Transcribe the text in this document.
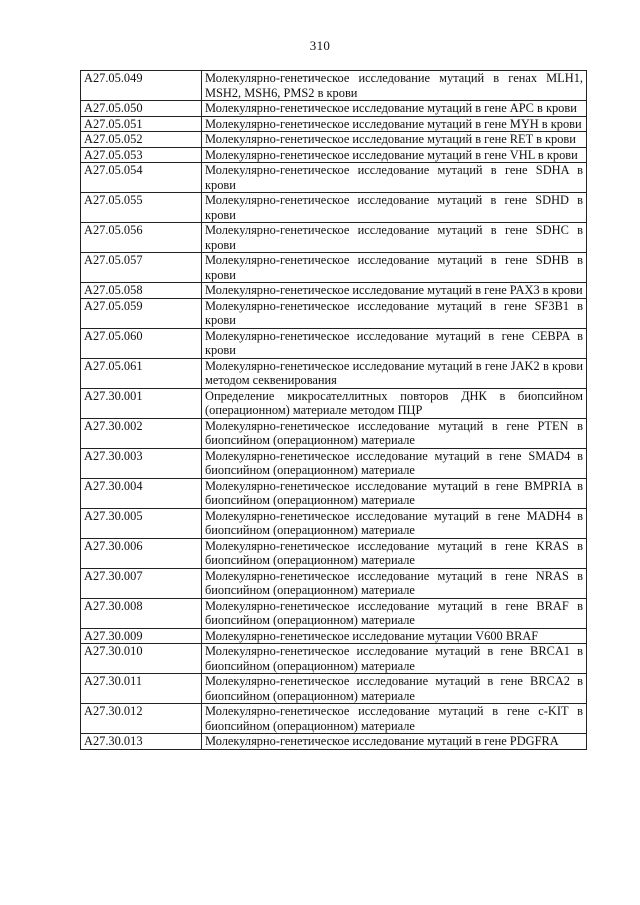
310
A27.05.049	Молекулярно-генетическое исследование мутаций в генах MLH1, MSH2, MSH6, PMS2 в крови
A27.05.050	Молекулярно-генетическое исследование мутаций в гене APC в крови
A27.05.051	Молекулярно-генетическое исследование мутаций в гене MYH в крови
A27.05.052	Молекулярно-генетическое исследование мутаций в гене RET в крови
A27.05.053	Молекулярно-генетическое исследование мутаций в гене VHL в крови
A27.05.054	Молекулярно-генетическое исследование мутаций в гене SDHA в крови
A27.05.055	Молекулярно-генетическое исследование мутаций в гене SDHD в крови
A27.05.056	Молекулярно-генетическое исследование мутаций в гене SDHC в крови
A27.05.057	Молекулярно-генетическое исследование мутаций в гене SDHB в крови
A27.05.058	Молекулярно-генетическое исследование мутаций в гене PAX3 в крови
A27.05.059	Молекулярно-генетическое исследование мутаций в гене SF3B1 в крови
A27.05.060	Молекулярно-генетическое исследование мутаций в гене CEBPA в крови
A27.05.061	Молекулярно-генетическое исследование мутаций в гене JAK2 в крови методом секвенирования
A27.30.001	Определение микросателлитных повторов ДНК в биопсийном (операционном) материале методом ПЦР
A27.30.002	Молекулярно-генетическое исследование мутаций в гене PTEN в биопсийном (операционном) материале
A27.30.003	Молекулярно-генетическое исследование мутаций в гене SMAD4 в биопсийном (операционном) материале
A27.30.004	Молекулярно-генетическое исследование мутаций в гене BMPRIA в биопсийном (операционном) материале
A27.30.005	Молекулярно-генетическое исследование мутаций в гене MADH4 в биопсийном (операционном) материале
A27.30.006	Молекулярно-генетическое исследование мутаций в гене KRAS в биопсийном (операционном) материале
A27.30.007	Молекулярно-генетическое исследование мутаций в гене NRAS в биопсийном (операционном) материале
A27.30.008	Молекулярно-генетическое исследование мутаций в гене BRAF в биопсийном (операционном) материале
A27.30.009	Молекулярно-генетическое исследование мутации V600 BRAF
A27.30.010	Молекулярно-генетическое исследование мутаций в гене BRCA1 в биопсийном (операционном) материале
A27.30.011	Молекулярно-генетическое исследование мутаций в гене BRCA2 в биопсийном (операционном) материале
A27.30.012	Молекулярно-генетическое исследование мутаций в гене c-KIT в биопсийном (операционном) материале
A27.30.013	Молекулярно-генетическое исследование мутаций в гене PDGFRA
